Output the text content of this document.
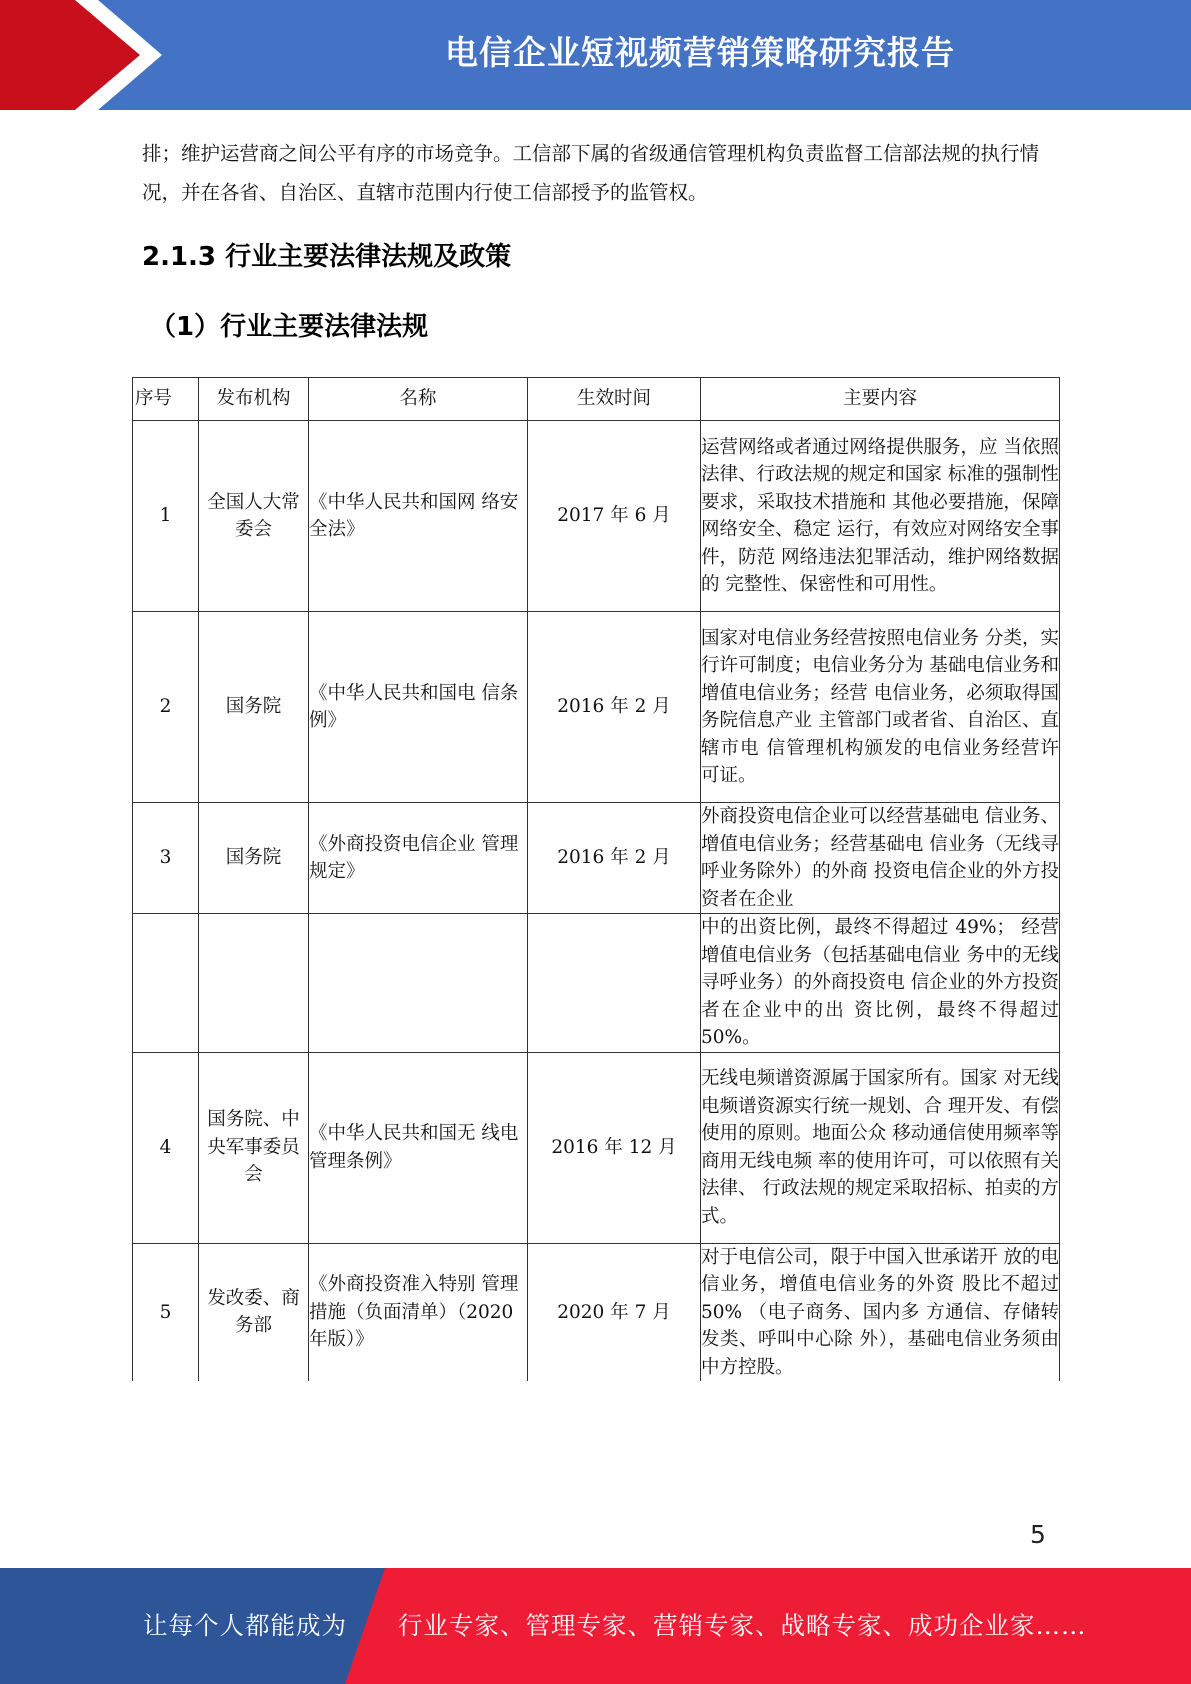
电信企业短视频营销策略研究报告
排；维护运营商之间公平有序的市场竞争。工信部下属的省级通信管理机构负责监督工信部法规的执行情况，并在各省、自治区、直辖市范围内行使工信部授予的监管权。
2.1.3 行业主要法律法规及政策
（1）行业主要法律法规
序号	发布机构	名称	生效时间	主要内容
1	全国人大常委会	《中华人民共和国网 络安全法》	2017 年 6 月	运营网络或者通过网络提供服务，应 当依照法律、行政法规的规定和国家 标准的强制性要求，采取技术措施和 其他必要措施，保障网络安全、稳定 运行，有效应对网络安全事件，防范 网络违法犯罪活动，维护网络数据的 完整性、保密性和可用性。
2	国务院	《中华人民共和国电 信条例》	2016 年 2 月	国家对电信业务经营按照电信业务 分类，实行许可制度；电信业务分为 基础电信业务和增值电信业务；经营 电信业务，必须取得国务院信息产业 主管部门或者省、自治区、直辖市电 信管理机构颁发的电信业务经营许 可证。
3	国务院	《外商投资电信企业 管理规定》	2016 年 2 月	外商投资电信企业可以经营基础电 信业务、增值电信业务；经营基础电 信业务（无线寻呼业务除外）的外商 投资电信企业的外方投资者在企业
				中的出资比例，最终不得超过 49%； 经营增值电信业务（包括基础电信业 务中的无线寻呼业务）的外商投资电 信企业的外方投资者在企业中的出 资比例，最终不得超过 50%。
4	国务院、中央军事委员会	《中华人民共和国无 线电管理条例》	2016 年 12 月	无线电频谱资源属于国家所有。国家 对无线电频谱资源实行统一规划、合 理开发、有偿使用的原则。地面公众 移动通信使用频率等商用无线电频 率的使用许可，可以依照有关法律、 行政法规的规定采取招标、拍卖的方 式。
5	发改委、商务部	《外商投资准入特别 管理措施（负面清单）（2020 年版）》	2020 年 7 月	对于电信公司，限于中国入世承诺开 放的电信业务，增值电信业务的外资 股比不超过 50% （电子商务、国内多 方通信、存储转发类、呼叫中心除 外），基础电信业务须由中方控股。
5
让每个人都能成为 行业专家、管理专家、营销专家、战略专家、成功企业家……
